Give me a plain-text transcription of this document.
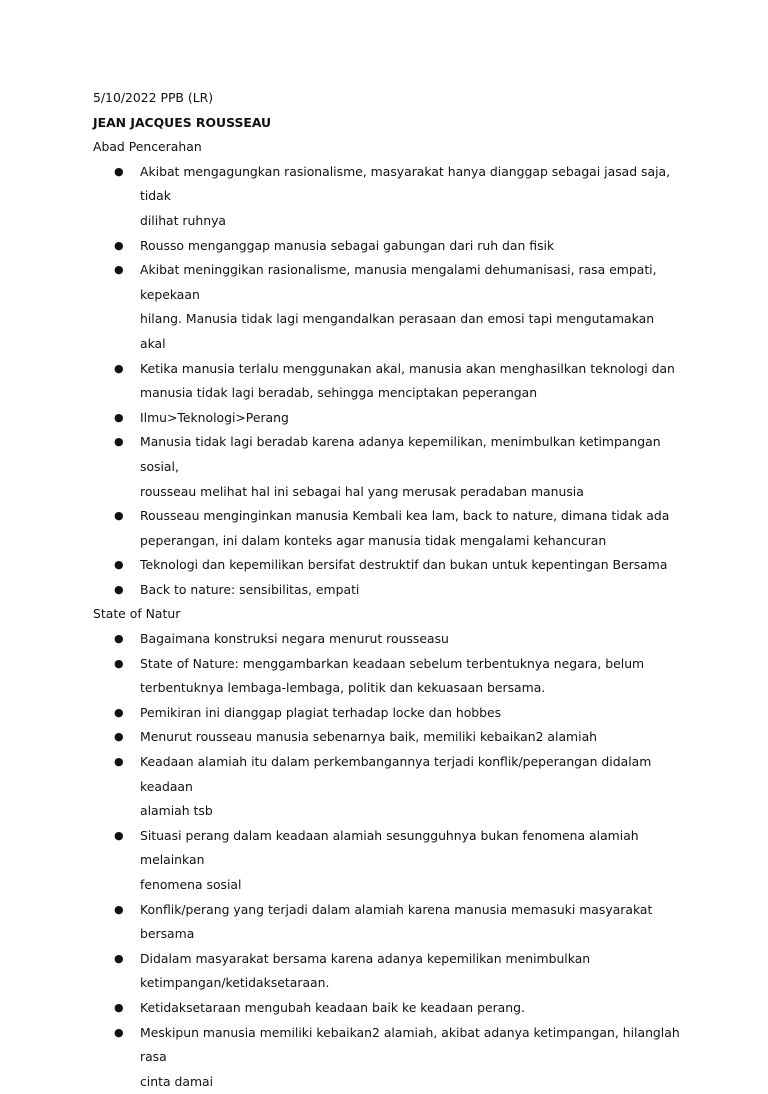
5/10/2022 PPB (LR)

JEAN JACQUES ROUSSEAU

Abad Pencerahan

● Akibat mengagungkan rasionalisme, masyarakat hanya dianggap sebagai jasad saja, tidak
dilihat ruhnya
● Rousso menganggap manusia sebagai gabungan dari ruh dan fisik
● Akibat meninggikan rasionalisme, manusia mengalami dehumanisasi, rasa empati, kepekaan
hilang. Manusia tidak lagi mengandalkan perasaan dan emosi tapi mengutamakan akal
● Ketika manusia terlalu menggunakan akal, manusia akan menghasilkan teknologi dan
manusia tidak lagi beradab, sehingga menciptakan peperangan
● Ilmu>Teknologi>Perang
● Manusia tidak lagi beradab karena adanya kepemilikan, menimbulkan ketimpangan sosial,
rousseau melihat hal ini sebagai hal yang merusak peradaban manusia
● Rousseau menginginkan manusia Kembali kea lam, back to nature, dimana tidak ada
peperangan, ini dalam konteks agar manusia tidak mengalami kehancuran
● Teknologi dan kepemilikan bersifat destruktif dan bukan untuk kepentingan Bersama
● Back to nature: sensibilitas, empati

State of Natur

● Bagaimana konstruksi negara menurut rousseasu
● State of Nature: menggambarkan keadaan sebelum terbentuknya negara, belum
terbentuknya lembaga-lembaga, politik dan kekuasaan bersama.
● Pemikiran ini dianggap plagiat terhadap locke dan hobbes
● Menurut rousseau manusia sebenarnya baik, memiliki kebaikan2 alamiah
● Keadaan alamiah itu dalam perkembangannya terjadi konflik/peperangan didalam keadaan
alamiah tsb
● Situasi perang dalam keadaan alamiah sesungguhnya bukan fenomena alamiah melainkan
fenomena sosial
● Konflik/perang yang terjadi dalam alamiah karena manusia memasuki masyarakat bersama
● Didalam masyarakat bersama karena adanya kepemilikan menimbulkan
ketimpangan/ketidaksetaraan.
● Ketidaksetaraan mengubah keadaan baik ke keadaan perang.
● Meskipun manusia memiliki kebaikan2 alamiah, akibat adanya ketimpangan, hilanglah rasa
cinta damai
